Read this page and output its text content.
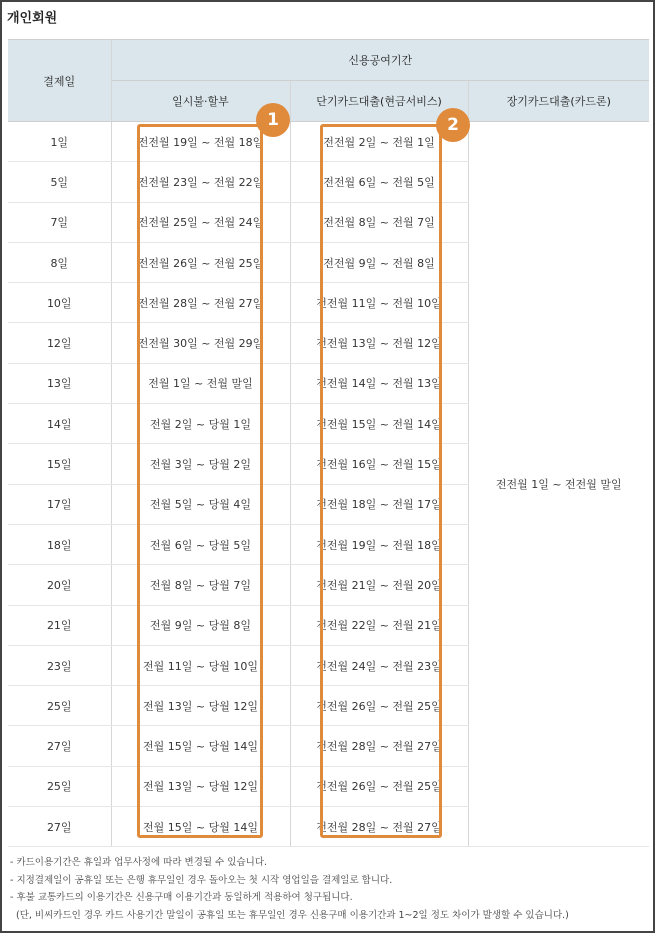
개인회원
결제일	신용공여기간		
	일시불·할부	단기카드대출(현금서비스)	장기카드대출(카드론)
1일	전전월 19일 ~ 전월 18일	전전월 2일 ~ 전월 1일	전전월 1일 ~ 전전월 말일
5일	전전월 23일 ~ 전월 22일	전전월 6일 ~ 전월 5일	
7일	전전월 25일 ~ 전월 24일	전전월 8일 ~ 전월 7일	
8일	전전월 26일 ~ 전월 25일	전전월 9일 ~ 전월 8일	
10일	전전월 28일 ~ 전월 27일	전전월 11일 ~ 전월 10일	
12일	전전월 30일 ~ 전월 29일	전전월 13일 ~ 전월 12일	
13일	전월 1일 ~ 전월 말일	전전월 14일 ~ 전월 13일	
14일	전월 2일 ~ 당월 1일	전전월 15일 ~ 전월 14일	
15일	전월 3일 ~ 당월 2일	전전월 16일 ~ 전월 15일	
17일	전월 5일 ~ 당월 4일	전전월 18일 ~ 전월 17일	
18일	전월 6일 ~ 당월 5일	전전월 19일 ~ 전월 18일	
20일	전월 8일 ~ 당월 7일	전전월 21일 ~ 전월 20일	
21일	전월 9일 ~ 당월 8일	전전월 22일 ~ 전월 21일	
23일	전월 11일 ~ 당월 10일	전전월 24일 ~ 전월 23일	
25일	전월 13일 ~ 당월 12일	전전월 26일 ~ 전월 25일	
27일	전월 15일 ~ 당월 14일	전전월 28일 ~ 전월 27일	
25일	전월 13일 ~ 당월 12일	전전월 26일 ~ 전월 25일	
27일	전월 15일 ~ 당월 14일	전전월 28일 ~ 전월 27일	
1	2
- 카드이용기간은 휴일과 업무사정에 따라 변경될 수 있습니다.
- 지정결제일이 공휴일 또는 은행 휴무일인 경우 돌아오는 첫 시작 영업일을 결제일로 합니다.
- 후불 교통카드의 이용기간은 신용구매 이용기간과 동일하게 적용하여 청구됩니다.
(단, 비씨카드인 경우 카드 사용기간 말일이 공휴일 또는 휴무일인 경우 신용구매 이용기간과 1~2일 정도 차이가 발생할 수 있습니다.)
